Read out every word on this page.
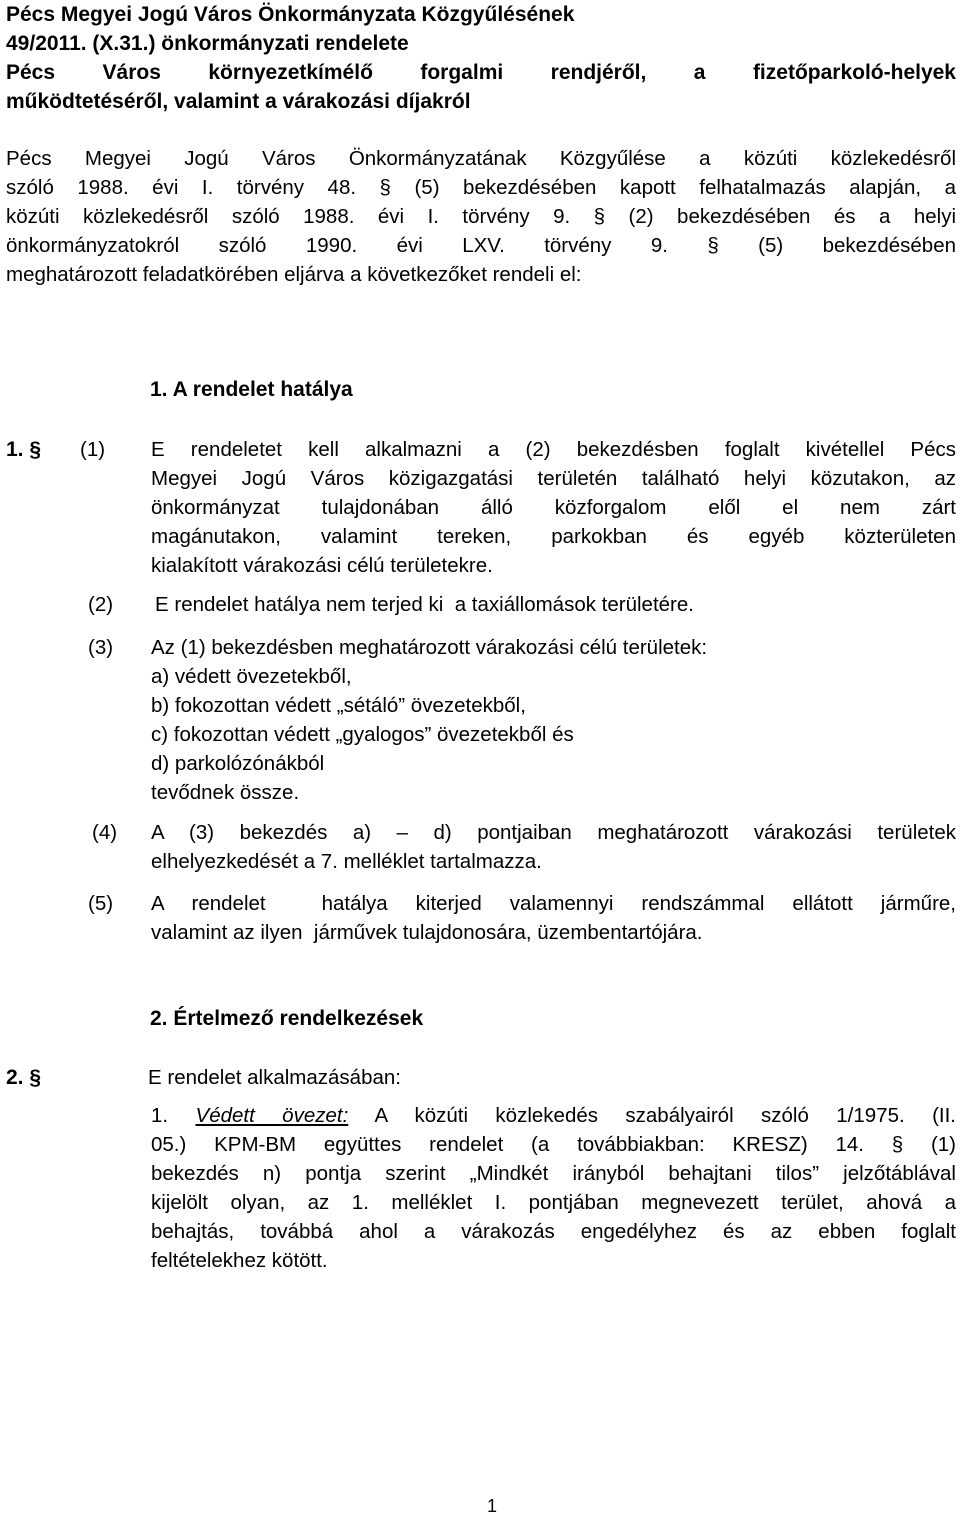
Pécs Megyei Jogú Város Önkormányzata Közgyűlésének
49/2011. (X.31.) önkormányzati rendelete
Pécs Város környezetkímélő forgalmi rendjéről, a fizetőparkoló-helyek
működtetéséről, valamint a várakozási díjakról
Pécs Megyei Jogú Város Önkormányzatának Közgyűlése a közúti közlekedésről
szóló 1988. évi I. törvény 48. § (5) bekezdésében kapott felhatalmazás alapján, a
közúti közlekedésről szóló 1988. évi I. törvény 9. § (2) bekezdésében és a helyi
önkormányzatokról szóló 1990. évi LXV. törvény 9. § (5) bekezdésében
meghatározott feladatkörében eljárva a következőket rendeli el:
1. A rendelet hatálya
1. § (1) E rendeletet kell alkalmazni a (2) bekezdésben foglalt kivétellel Pécs
Megyei Jogú Város közigazgatási területén található helyi közutakon, az
önkormányzat tulajdonában álló közforgalom elől el nem zárt
magánutakon, valamint tereken, parkokban és egyéb közterületen
kialakított várakozási célú területekre.
(2) E rendelet hatálya nem terjed ki  a taxiállomások területére.
(3) Az (1) bekezdésben meghatározott várakozási célú területek:
a) védett övezetekből,
b) fokozottan védett „sétáló” övezetekből,
c) fokozottan védett „gyalogos” övezetekből és
d) parkolózónákból
tevődnek össze.
(4) A (3) bekezdés a) – d) pontjaiban meghatározott várakozási területek
elhelyezkedését a 7. melléklet tartalmazza.
(5) A rendelet  hatálya kiterjed valamennyi rendszámmal ellátott járműre,
valamint az ilyen  járművek tulajdonosára, üzembentartójára.
2. Értelmező rendelkezések
2. §	E rendelet alkalmazásában:
1. Védett övezet: A közúti közlekedés szabályairól szóló 1/1975. (II.
05.) KPM-BM együttes rendelet (a továbbiakban: KRESZ) 14. § (1)
bekezdés n) pontja szerint „Mindkét irányból behajtani tilos” jelzőtáblával
kijelölt olyan, az 1. melléklet I. pontjában megnevezett terület, ahová a
behajtás, továbbá ahol a várakozás engedélyhez és az ebben foglalt
feltételekhez kötött.
1
